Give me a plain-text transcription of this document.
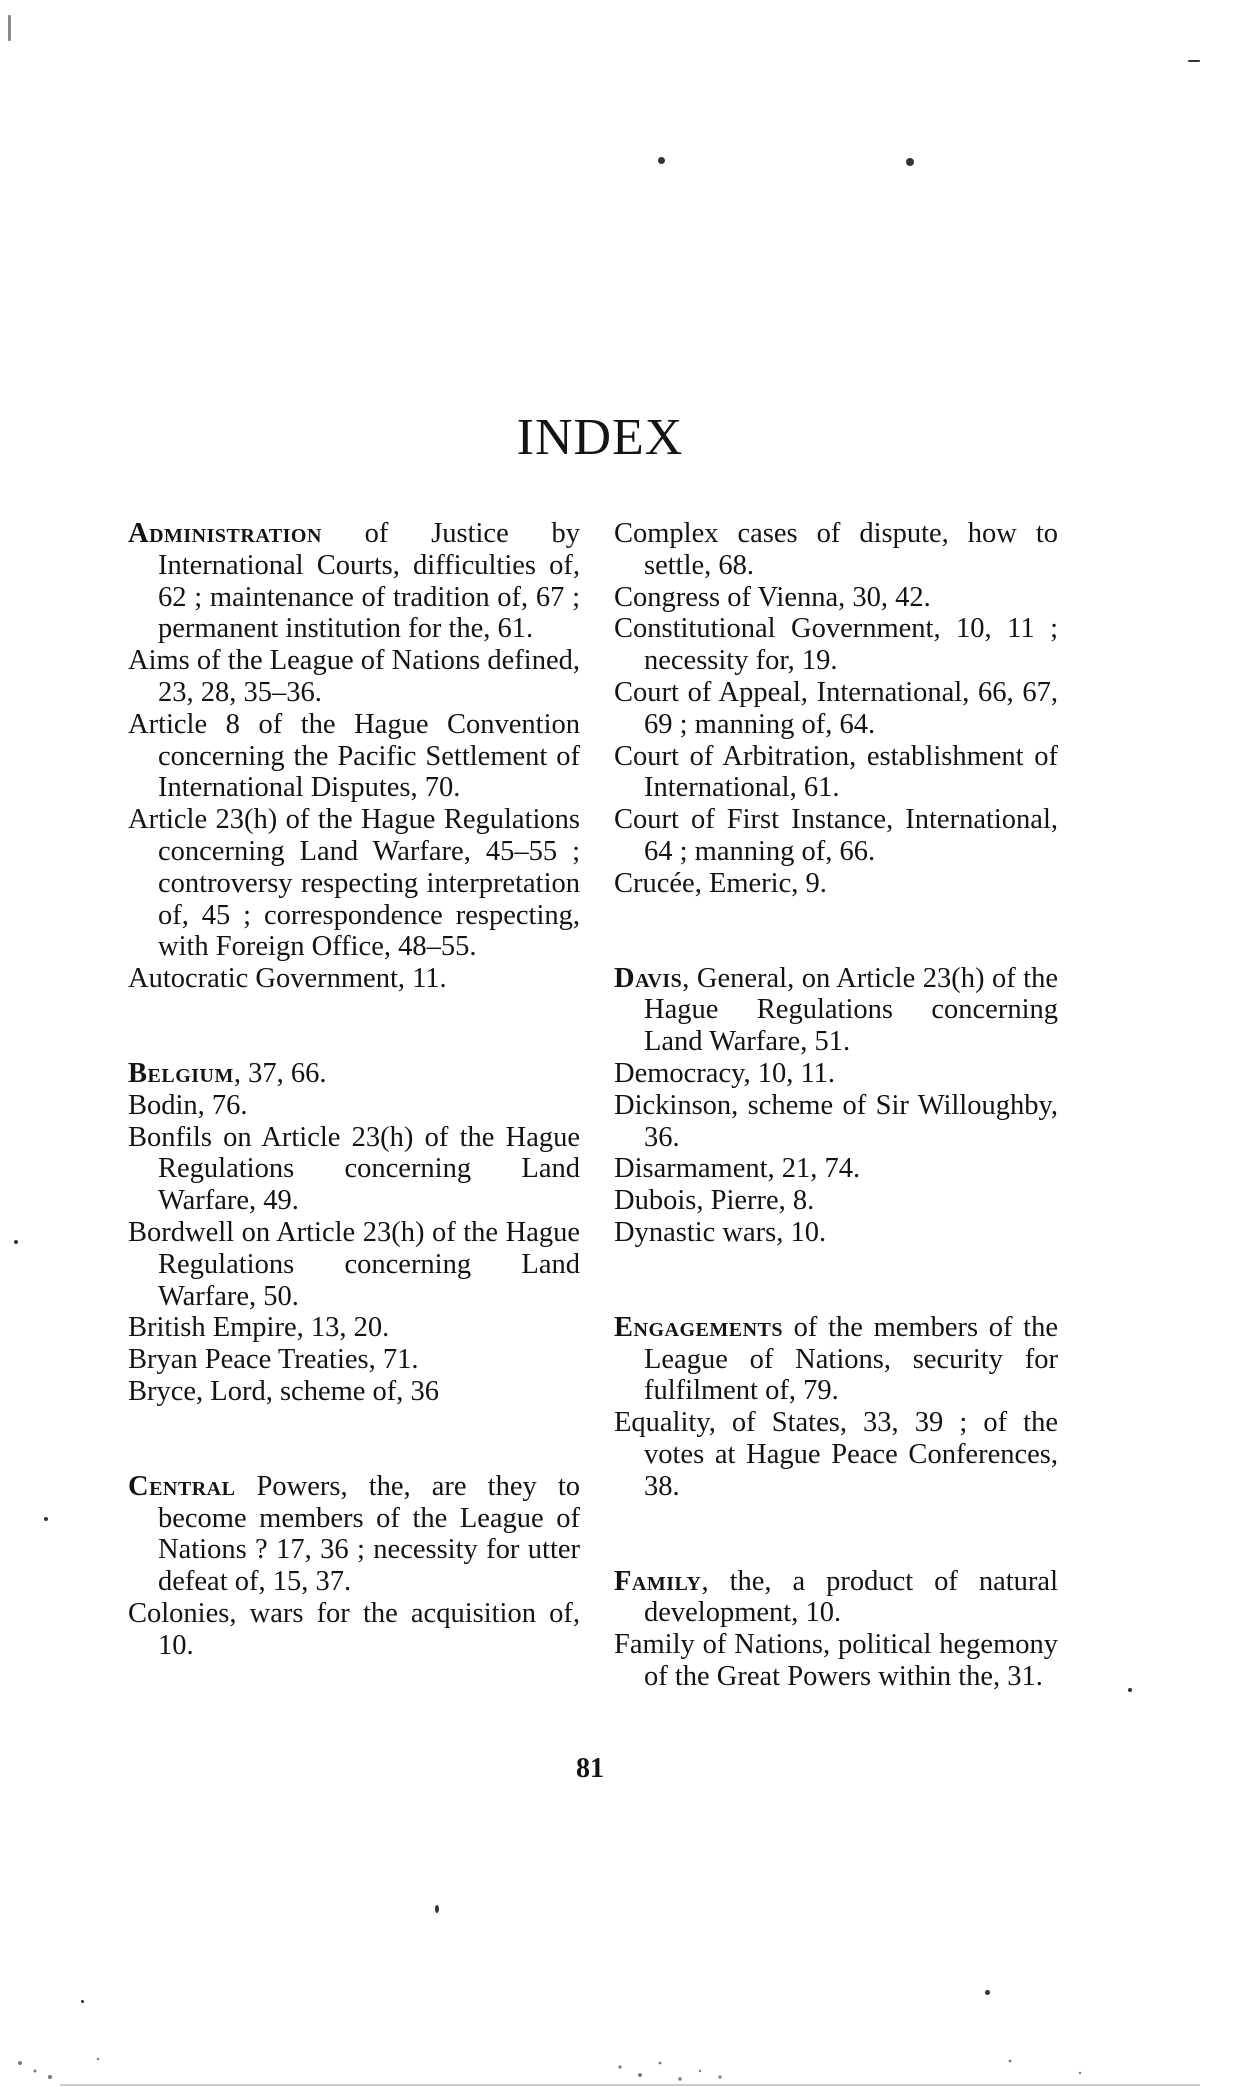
INDEX

Administration of Justice by International Courts, difficulties of, 62 ; maintenance of tradition of, 67 ; permanent institution for the, 61.

Aims of the League of Nations defined, 23, 28, 35–36.

Article 8 of the Hague Convention concerning the Pacific Settlement of International Disputes, 70.

Article 23(h) of the Hague Regulations concerning Land Warfare, 45–55 ; controversy respecting interpretation of, 45 ; correspondence respecting, with Foreign Office, 48–55.

Autocratic Government, 11.

Belgium, 37, 66.

Bodin, 76.

Bonfils on Article 23(h) of the Hague Regulations concerning Land Warfare, 49.

Bordwell on Article 23(h) of the Hague Regulations concerning Land Warfare, 50.

British Empire, 13, 20.

Bryan Peace Treaties, 71.

Bryce, Lord, scheme of, 36

Central Powers, the, are they to become members of the League of Nations ? 17, 36 ; necessity for utter defeat of, 15, 37.

Colonies, wars for the acquisition of, 10.

Complex cases of dispute, how to settle, 68.

Congress of Vienna, 30, 42.

Constitutional Government, 10, 11 ; necessity for, 19.

Court of Appeal, International, 66, 67, 69 ; manning of, 64.

Court of Arbitration, establishment of International, 61.

Court of First Instance, International, 64 ; manning of, 66.

Crucée, Emeric, 9.

Davis, General, on Article 23(h) of the Hague Regulations concerning Land Warfare, 51.

Democracy, 10, 11.

Dickinson, scheme of Sir Willoughby, 36.

Disarmament, 21, 74.

Dubois, Pierre, 8.

Dynastic wars, 10.

Engagements of the members of the League of Nations, security for fulfilment of, 79.

Equality, of States, 33, 39 ; of the votes at Hague Peace Conferences, 38.

Family, the, a product of natural development, 10.

Family of Nations, political hegemony of the Great Powers within the, 31.

81
